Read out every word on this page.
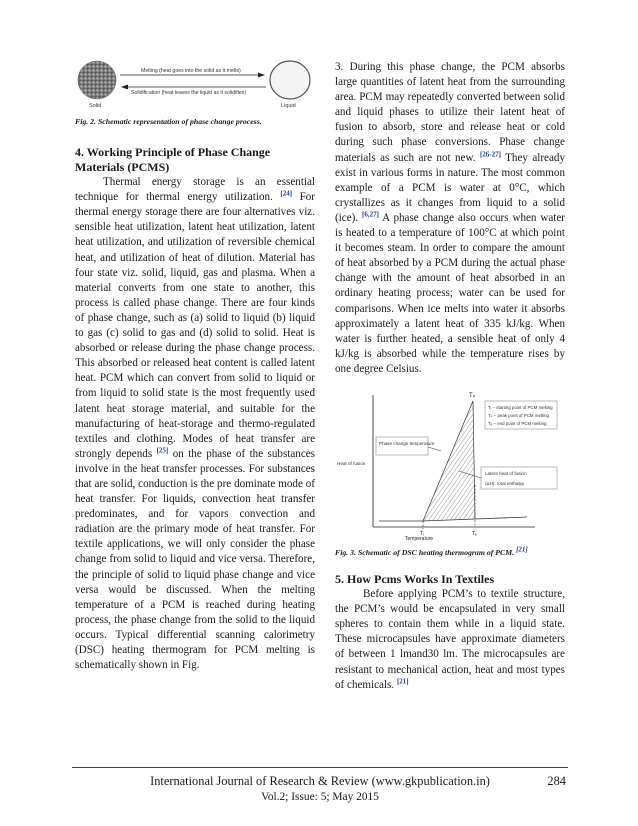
Melting (heat goes into the solid as it melts)
Solidification (heat leaves the liquid as it solidifies)
Solid	Liquid
Fig. 2. Schematic representation of phase change process.
4. Working Principle of Phase Change Materials (PCMS)

Thermal energy storage is an essential technique for thermal energy utilization. [24] For thermal energy storage there are four alternatives viz. sensible heat utilization, latent heat utilization, latent heat utilization, and utilization of reversible chemical heat, and utilization of heat of dilution. Material has four state viz. solid, liquid, gas and plasma. When a material converts from one state to another, this process is called phase change. There are four kinds of phase change, such as (a) solid to liquid (b) liquid to gas (c) solid to gas and (d) solid to solid. Heat is absorbed or release during the phase change process. This absorbed or released heat content is called latent heat. PCM which can convert from solid to liquid or from liquid to solid state is the most frequently used latent heat storage material, and suitable for the manufacturing of heat-storage and thermo-regulated textiles and clothing. Modes of heat transfer are strongly depends [25] on the phase of the substances involve in the heat transfer processes. For substances that are solid, conduction is the pre dominate mode of heat transfer. For liquids, convection heat transfer predominates, and for vapors convection and radiation are the primary mode of heat transfer. For textile applications, we will only consider the phase change from solid to liquid and vice versa. Therefore, the principle of solid to liquid phase change and vice versa would be discussed. When the melting temperature of a PCM is reached during heating process, the phase change from the solid to the liquid occurs. Typical differential scanning calorimetry (DSC) heating thermogram for PCM melting is schematically shown in Fig.

3. During this phase change, the PCM absorbs large quantities of latent heat from the surrounding area. PCM may repeatedly converted between solid and liquid phases to utilize their latent heat of fusion to absorb, store and release heat or cold during such phase conversions. Phase change materials as such are not new. [26-27] They already exist in various forms in nature. The most common example of a PCM is water at 0°C, which crystallizes as it changes from liquid to a solid (ice). [6,27] A phase change also occurs when water is heated to a temperature of 100°C at which point it becomes steam. In order to compare the amount of heat absorbed by a PCM during the actual phase change with the amount of heat absorbed in an ordinary heating process; water can be used for comparisons. When ice melts into water it absorbs approximately a latent heat of 335 kJ/kg. When water is further heated, a sensible heat of only 4 kJ/kg is absorbed while the temperature rises by one degree Celsius.

Tₚ
Tᵢ – starting point of PCM melting
Tₚ – peak point of PCM melting
Tₑ – end point of PCM melting
Phase change temperature
Heat of fusion
Latent heat of fusion
(ΔH): total enthalpy
Tᵢ	Tₑ
Temperature
Fig. 3. Schematic of DSC heating thermogram of PCM. [21]
5. How Pcms Works In Textiles

Before applying PCM’s to textile structure, the PCM’s would be encapsulated in very small spheres to contain them while in a liquid state. These microcapsules have approximate diameters of between 1 lmand30 lm. The microcapsules are resistant to mechanical action, heat and most types of chemicals. [21]

International Journal of Research & Review (www.gkpublication.in)	284
Vol.2; Issue: 5; May 2015
